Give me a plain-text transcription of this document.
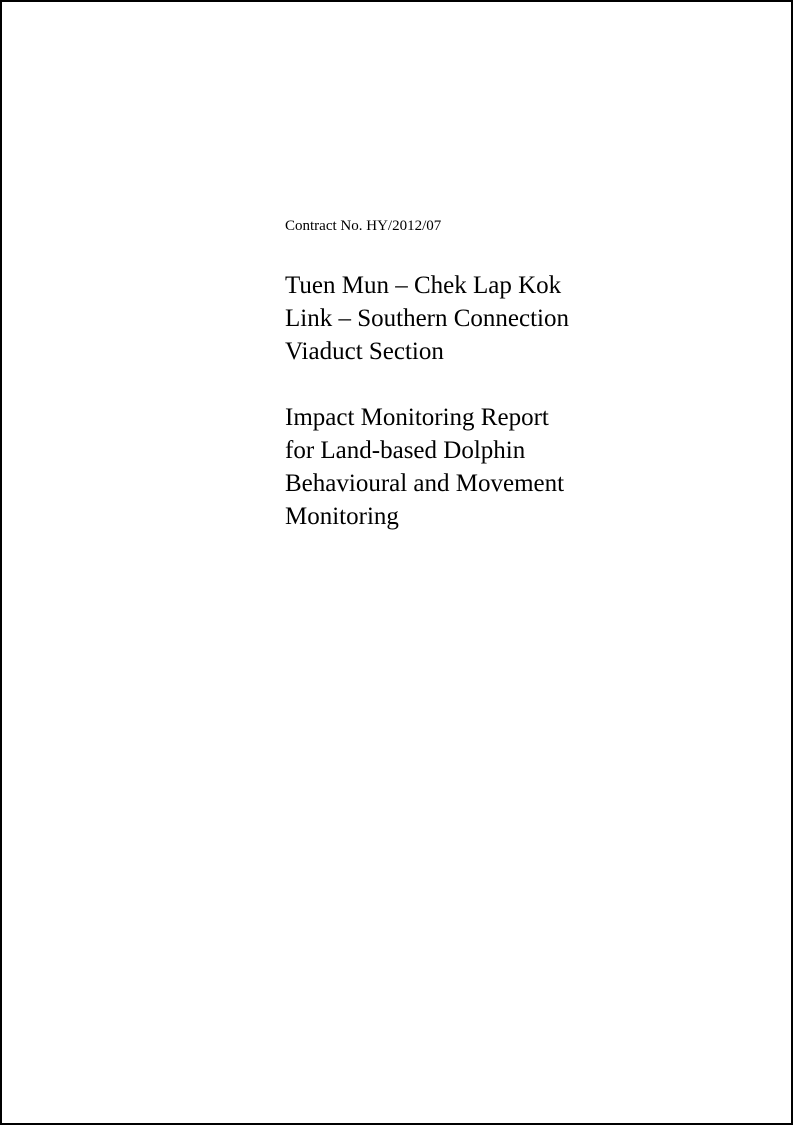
Contract No. HY/2012/07

Tuen Mun – Chek Lap Kok
Link – Southern Connection
Viaduct Section
Impact Monitoring Report
for Land-based Dolphin
Behavioural and Movement
Monitoring
